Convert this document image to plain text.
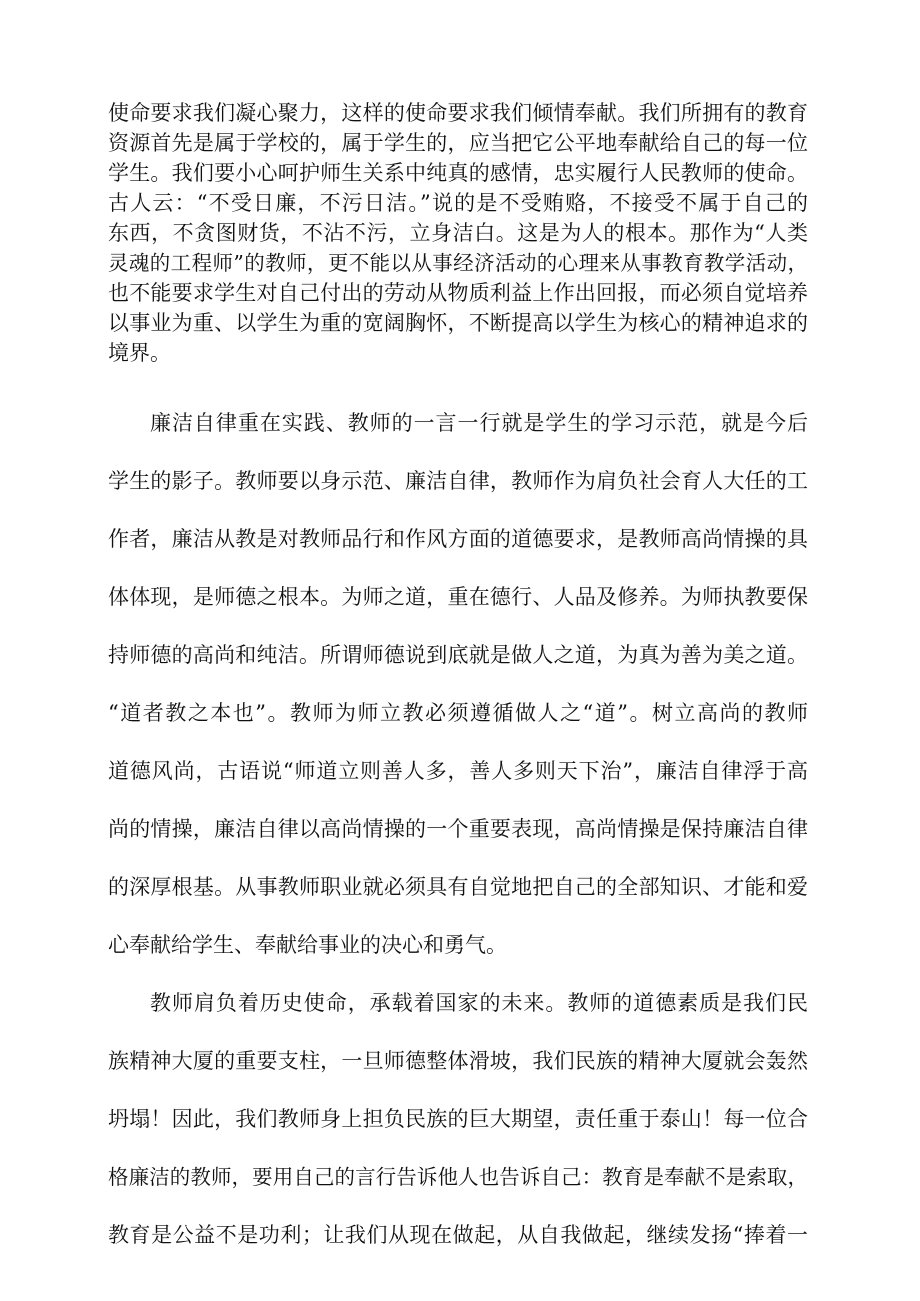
使命要求我们凝心聚力，这样的使命要求我们倾情奉献。我们所拥有的教育
资源首先是属于学校的，属于学生的，应当把它公平地奉献给自己的每一位
学生。我们要小心呵护师生关系中纯真的感情，忠实履行人民教师的使命。
古人云：“不受日廉，不污日洁。”说的是不受贿赂，不接受不属于自己的
东西，不贪图财货，不沾不污，立身洁白。这是为人的根本。那作为“人类
灵魂的工程师”的教师，更不能以从事经济活动的心理来从事教育教学活动，
也不能要求学生对自己付出的劳动从物质利益上作出回报，而必须自觉培养
以事业为重、以学生为重的宽阔胸怀，不断提高以学生为核心的精神追求的
境界。
廉洁自律重在实践、教师的一言一行就是学生的学习示范，就是今后
学生的影子。教师要以身示范、廉洁自律，教师作为肩负社会育人大任的工
作者，廉洁从教是对教师品行和作风方面的道德要求，是教师高尚情操的具
体体现，是师德之根本。为师之道，重在德行、人品及修养。为师执教要保
持师德的高尚和纯洁。所谓师德说到底就是做人之道，为真为善为美之道。
“道者教之本也”。教师为师立教必须遵循做人之“道”。树立高尚的教师
道德风尚，古语说“师道立则善人多，善人多则天下治”，廉洁自律浮于高
尚的情操，廉洁自律以高尚情操的一个重要表现，高尚情操是保持廉洁自律
的深厚根基。从事教师职业就必须具有自觉地把自己的全部知识、才能和爱
心奉献给学生、奉献给事业的决心和勇气。
教师肩负着历史使命，承载着国家的未来。教师的道德素质是我们民
族精神大厦的重要支柱，一旦师德整体滑坡，我们民族的精神大厦就会轰然
坍塌！因此，我们教师身上担负民族的巨大期望，责任重于泰山！每一位合
格廉洁的教师，要用自己的言行告诉他人也告诉自己：教育是奉献不是索取，
教育是公益不是功利；让我们从现在做起，从自我做起，继续发扬“捧着一
